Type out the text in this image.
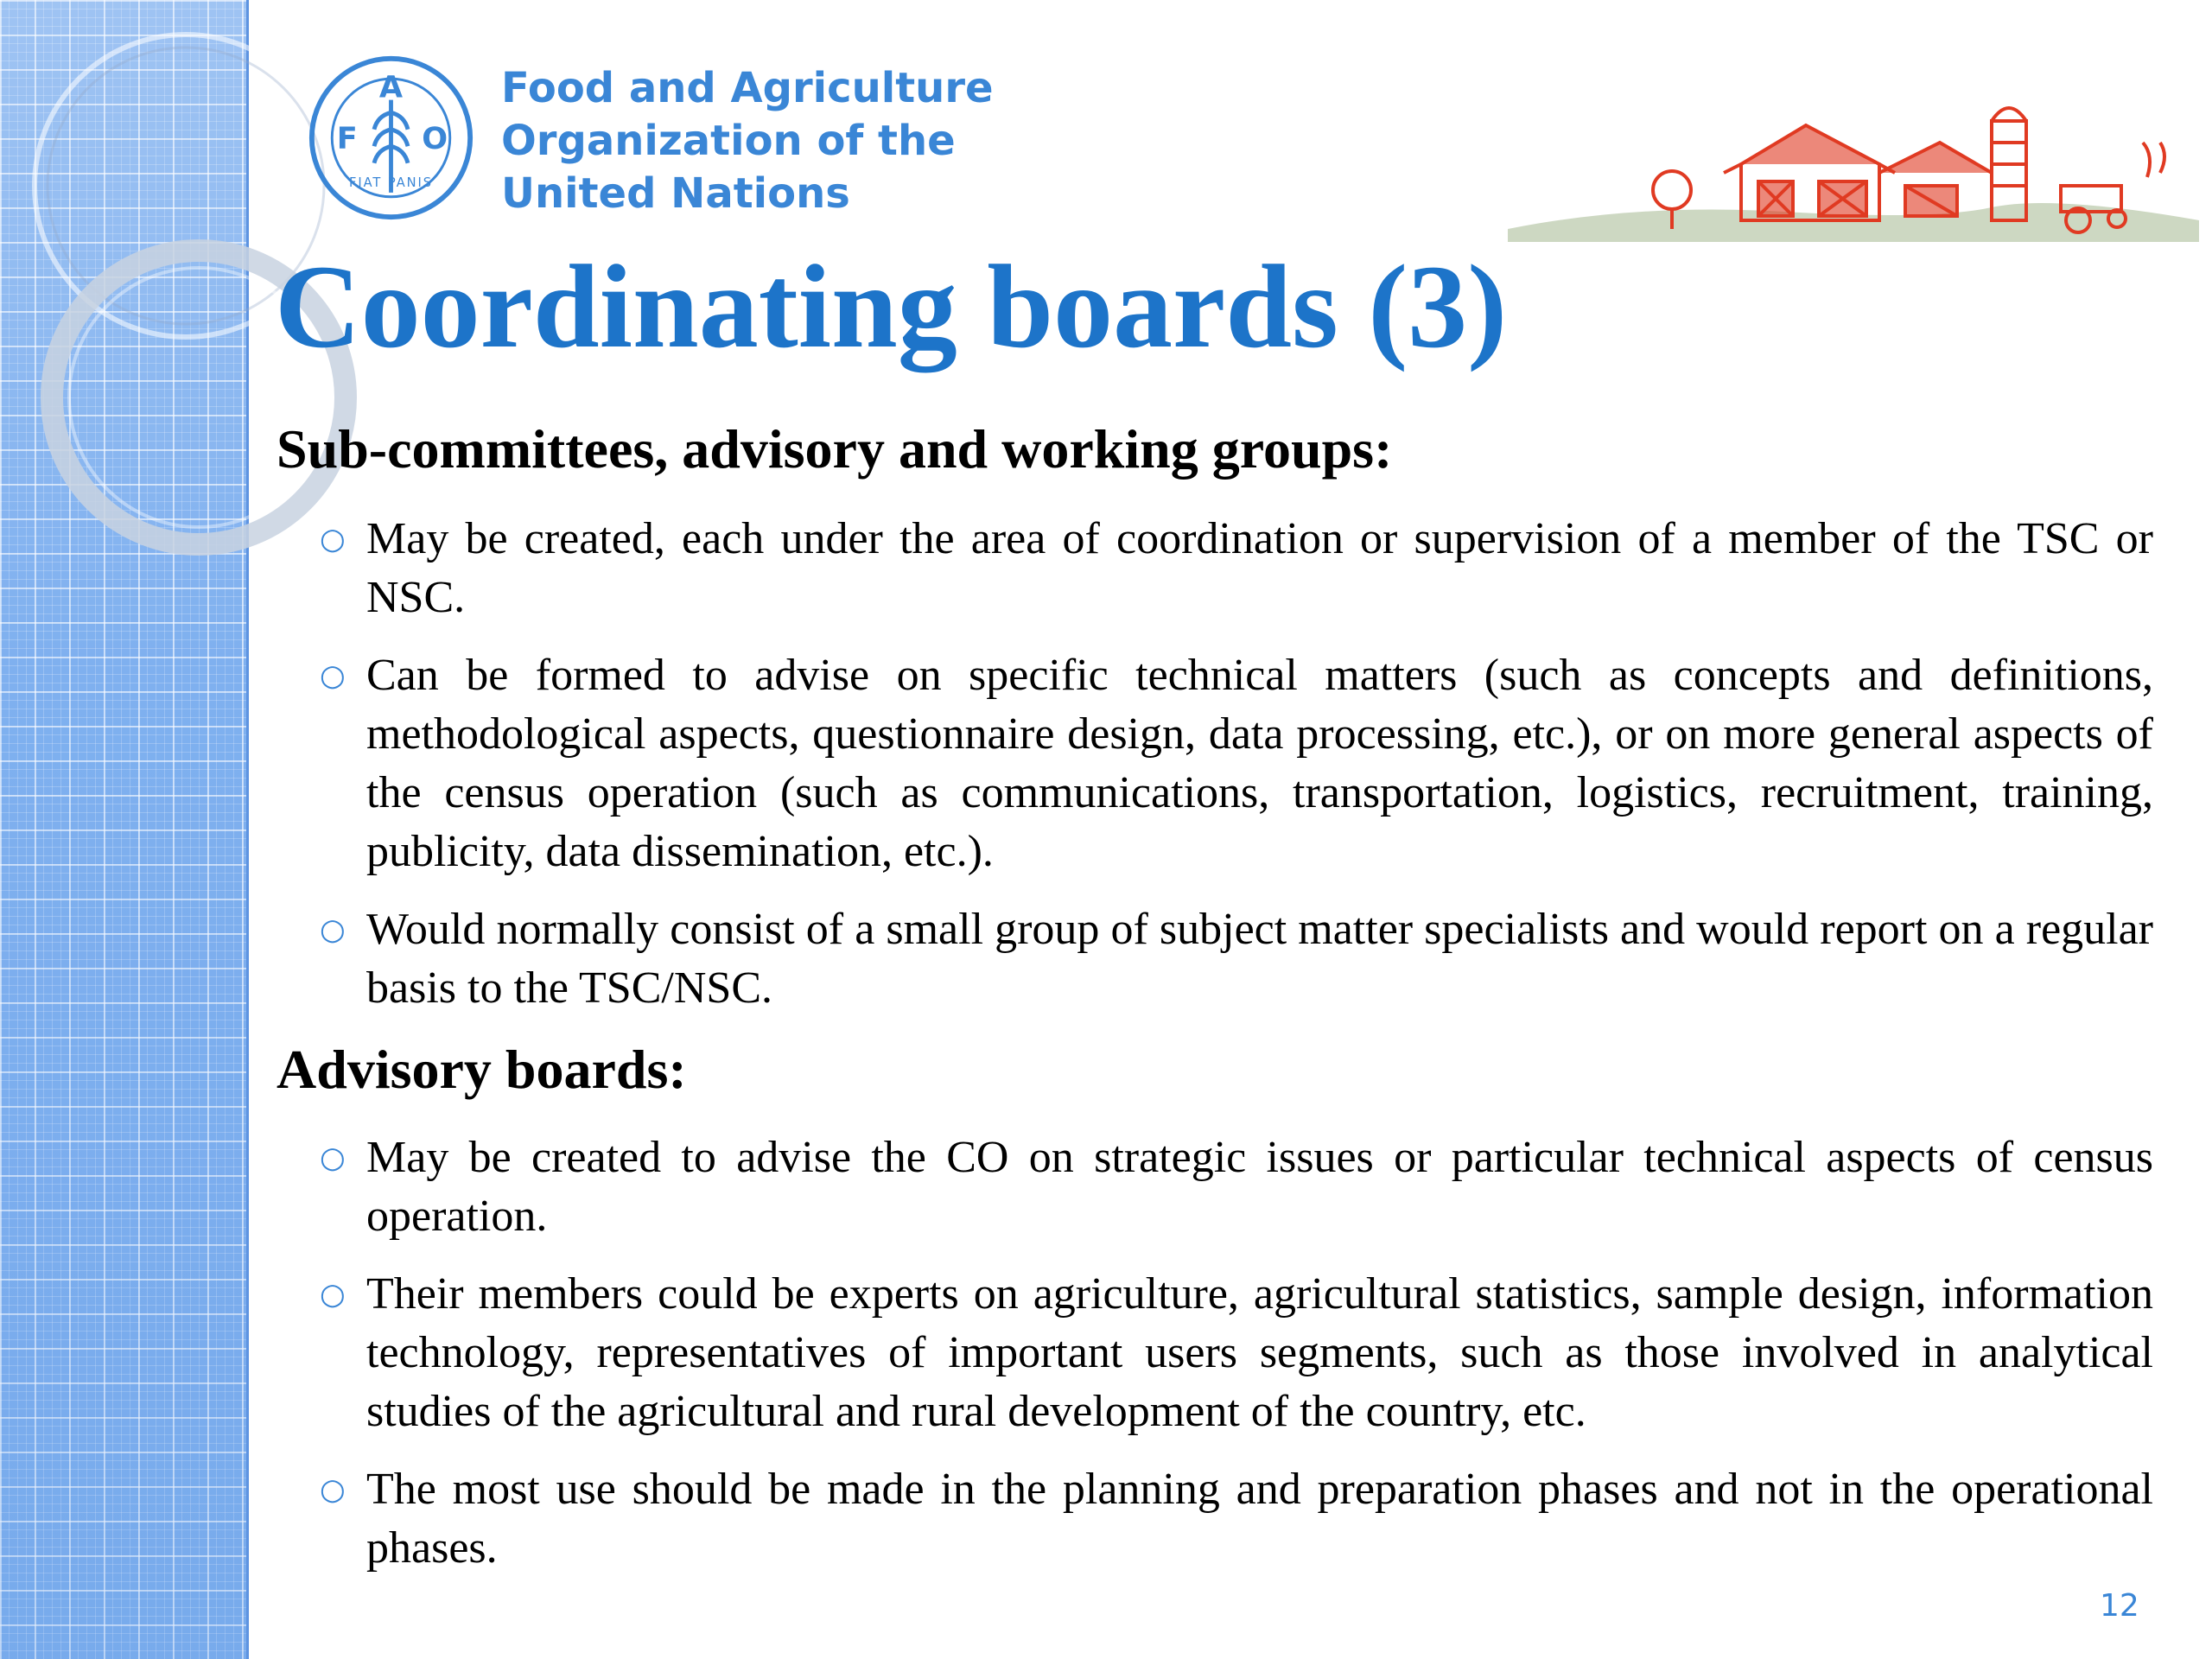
A
F O
FIAT PANIS
Food and Agriculture
Organization of the
United Nations
Coordinating boards (3)
Sub-committees, advisory and working groups:
○ May be created, each under the area of coordination or supervision of a member of the TSC or NSC.
○ Can be formed to advise on specific technical matters (such as concepts and definitions, methodological aspects, questionnaire design, data processing, etc.), or on more general aspects of the census operation (such as communications, transportation, logistics, recruitment, training, publicity, data dissemination, etc.).
○ Would normally consist of a small group of subject matter specialists and would report on a regular basis to the TSC/NSC.
Advisory boards:
○ May be created to advise the CO on strategic issues or particular technical aspects of census operation.
○ Their members could be experts on agriculture, agricultural statistics, sample design, information technology, representatives of important users segments, such as those involved in analytical studies of the agricultural and rural development of the country, etc.
○ The most use should be made in the planning and preparation phases and not in the operational phases.
12
